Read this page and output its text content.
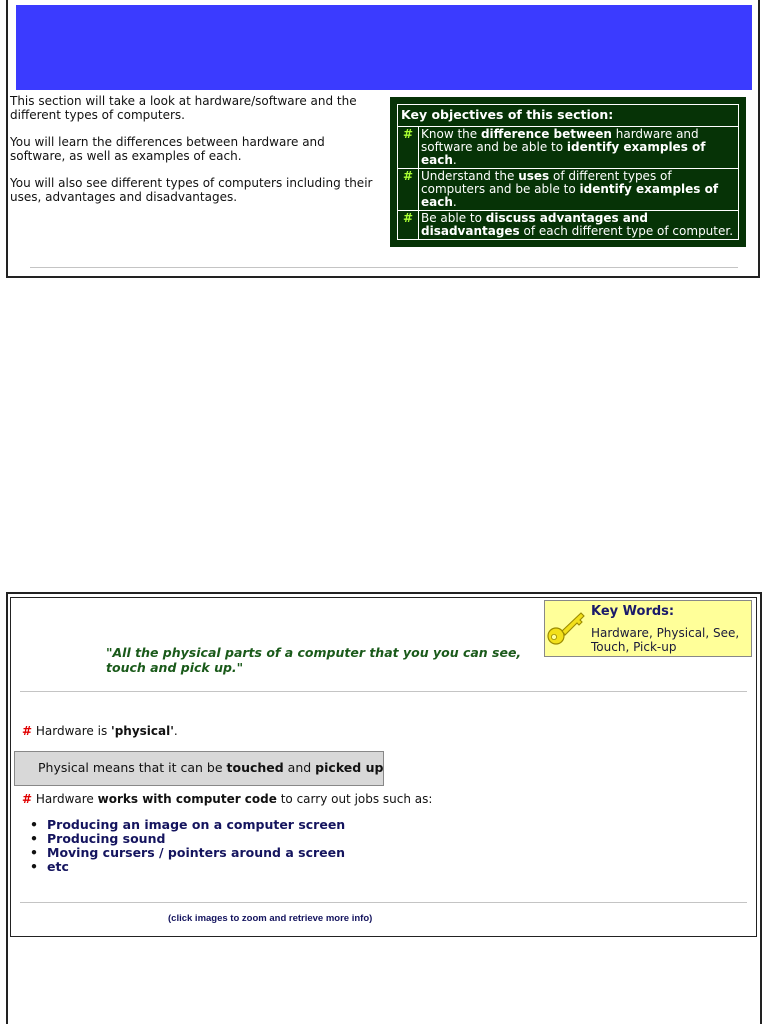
This section will take a look at hardware/software and the different types of computers.

You will learn the differences between hardware and software, as well as examples of each.

You will also see different types of computers including their uses, advantages and disadvantages.

Key objectives of this section:	
#	Know the difference between hardware and software and be able to identify examples of each.
#	Understand the uses of different types of computers and be able to identify examples of each.
#	Be able to discuss advantages and disadvantages of each different type of computer.
"All the physical parts of a computer that you you can see, touch and pick up."
Key Words:
Hardware, Physical, See, Touch, Pick-up
# Hardware is 'physical'.
Physical means that it can be touched and picked up
# Hardware works with computer code to carry out jobs such as:
• Producing an image on a computer screen
• Producing sound
• Moving cursers / pointers around a screen
• etc
(click images to zoom and retrieve more info)
